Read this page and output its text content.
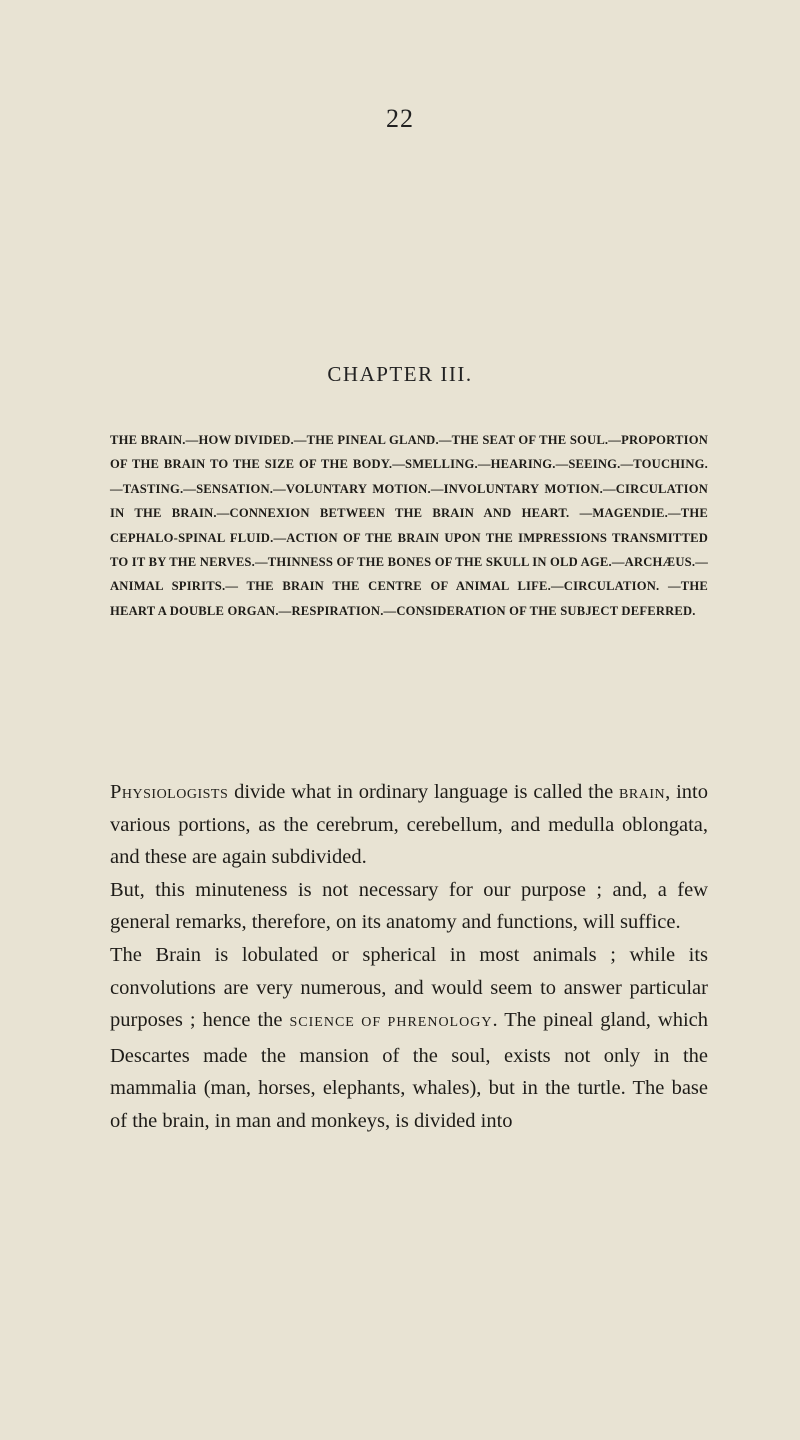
22
CHAPTER III.
THE BRAIN.—HOW DIVIDED.—THE PINEAL GLAND.—THE SEAT OF THE SOUL.—PROPORTION OF THE BRAIN TO THE SIZE OF THE BODY.—SMELLING.—HEARING.—SEEING.—TOUCHING.—TASTING.—SENSATION.—VOLUNTARY MOTION.—INVOLUNTARY MOTION.—CIRCULATION IN THE BRAIN.—CONNEXION BETWEEN THE BRAIN AND HEART. —MAGENDIE.—THE CEPHALO-SPINAL FLUID.—ACTION OF THE BRAIN UPON THE IMPRESSIONS TRANSMITTED TO IT BY THE NERVES.—THINNESS OF THE BONES OF THE SKULL IN OLD AGE.—ARCHÆUS.—ANIMAL SPIRITS.— THE BRAIN THE CENTRE OF ANIMAL LIFE.—CIRCULATION. —THE HEART A DOUBLE ORGAN.—RESPIRATION.—CONSIDERATION OF THE SUBJECT DEFERRED.

Physiologists divide what in ordinary language is called the brain, into various portions, as the cerebrum, cerebellum, and medulla oblongata, and these are again subdivided.

But, this minuteness is not necessary for our purpose ; and, a few general remarks, therefore, on its anatomy and functions, will suffice.

The Brain is lobulated or spherical in most animals ; while its convolutions are very numerous, and would seem to answer particular purposes ; hence the SCIENCE OF PHRENOLOGY. The pineal gland, which Descartes made the mansion of the soul, exists not only in the mammalia (man, horses, elephants, whales), but in the turtle. The base of the brain, in man and monkeys, is divided into
